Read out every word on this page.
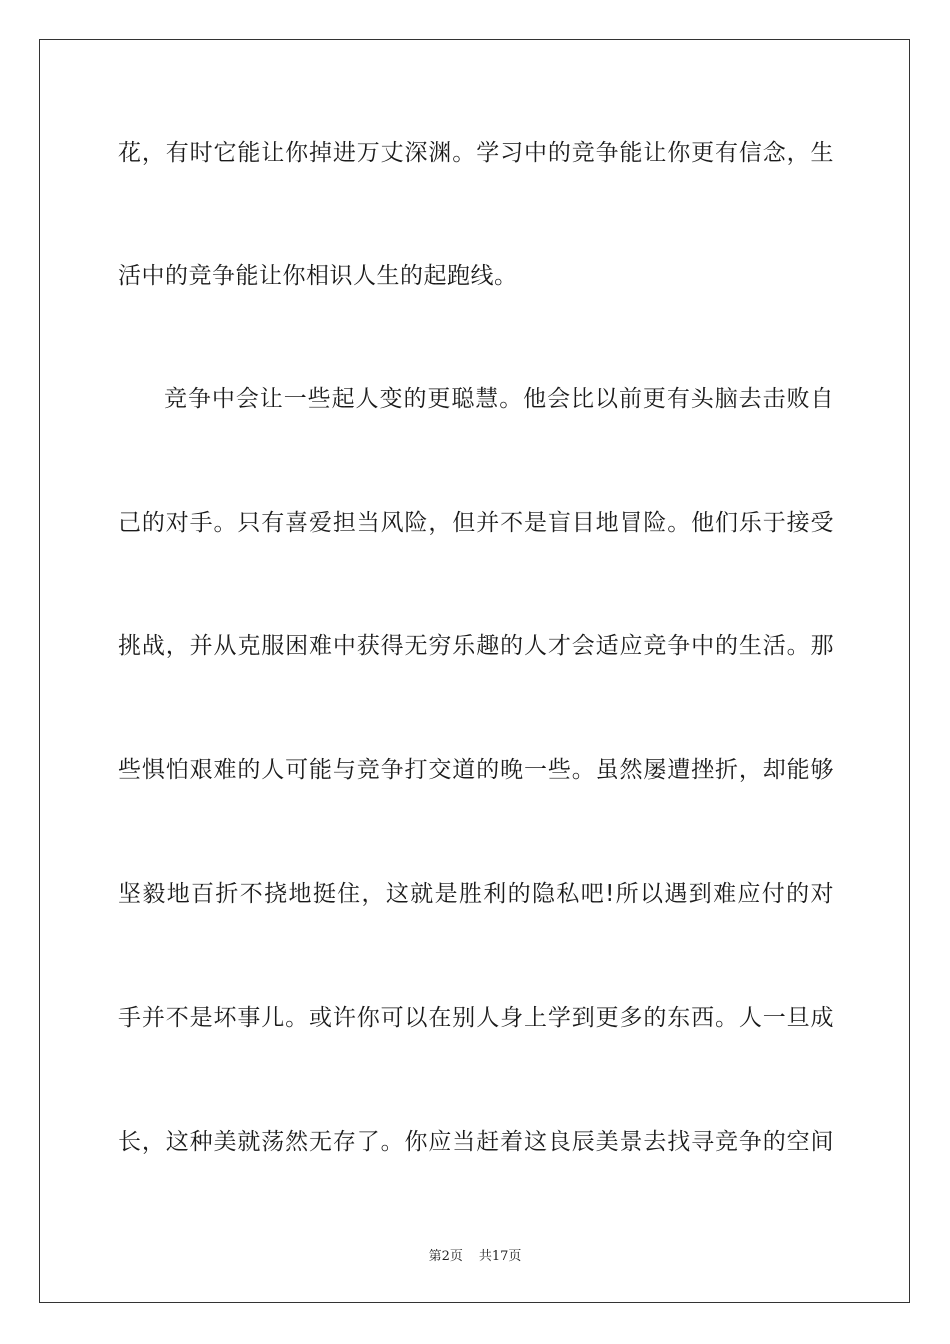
花，有时它能让你掉进万丈深渊。学习中的竞争能让你更有信念，生
活中的竞争能让你相识人生的起跑线。
竞争中会让一些起人变的更聪慧。他会比以前更有头脑去击败自
己的对手。只有喜爱担当风险，但并不是盲目地冒险。他们乐于接受
挑战，并从克服困难中获得无穷乐趣的人才会适应竞争中的生活。那
些惧怕艰难的人可能与竞争打交道的晚一些。虽然屡遭挫折，却能够
坚毅地百折不挠地挺住，这就是胜利的隐私吧!所以遇到难应付的对
手并不是坏事儿。或许你可以在别人身上学到更多的东西。人一旦成
长，这种美就荡然无存了。你应当赶着这良辰美景去找寻竞争的空间
第2页 共17页
